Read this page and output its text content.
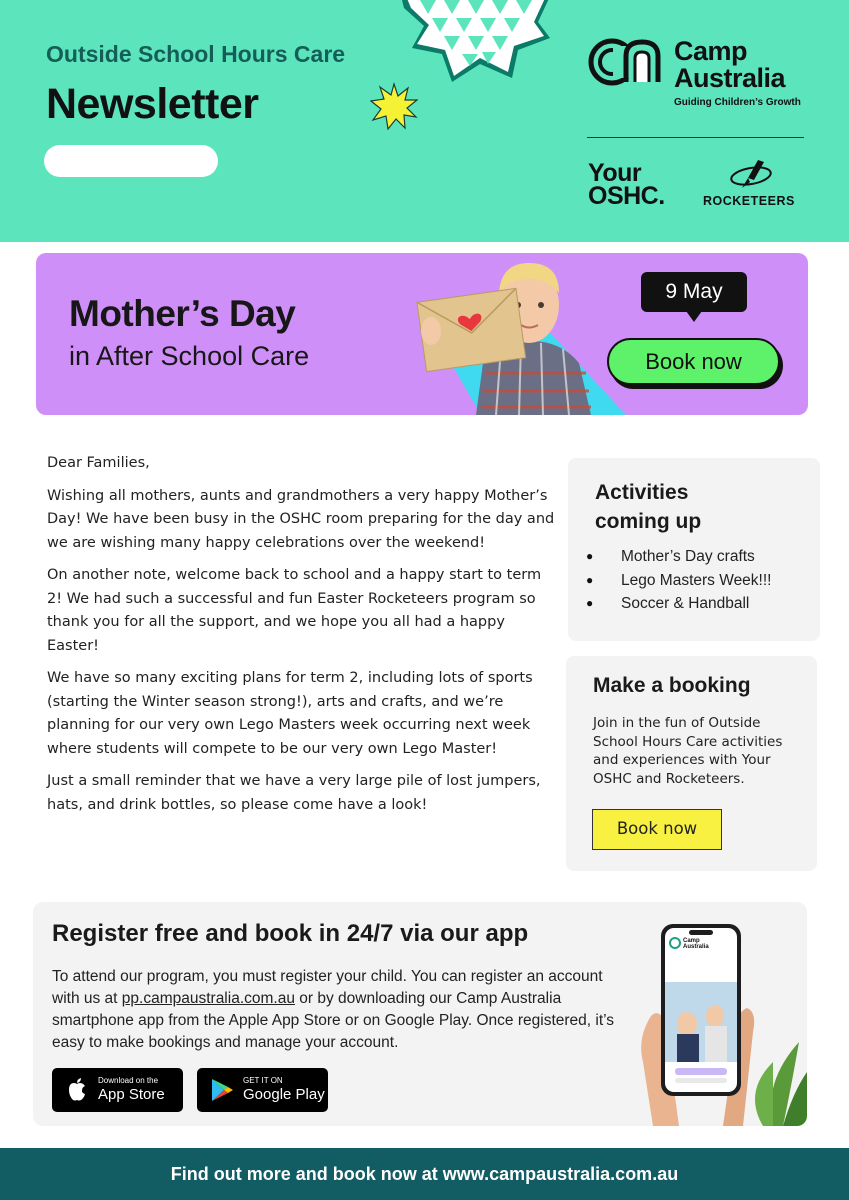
Outside School Hours Care
Newsletter
Camp
Australia
Guiding Children’s Growth
Your
OSHC.	ROCKETEERS
Mother’s Day
in After School Care
9 May
Book now

Dear Families,

Wishing all mothers, aunts and grandmothers a very happy Mother’s Day! We have been busy in the OSHC room preparing for the day and we are wishing many happy celebrations over the weekend!

On another note, welcome back to school and a happy start to term 2! We had such a successful and fun Easter Rocketeers program so thank you for all the support, and we hope you all had a happy Easter!

We have so many exciting plans for term 2, including lots of sports (starting the Winter season strong!), arts and crafts, and we’re planning for our very own Lego Masters week occurring next week where students will compete to be our very own Lego Master!

Just a small reminder that we have a very large pile of lost jumpers, hats, and drink bottles, so please come have a look!

Activities
coming up
● Mother’s Day crafts
● Lego Masters Week!!!
● Soccer & Handball
Make a booking

Join in the fun of Outside School Hours Care activities and experiences with Your OSHC and Rocketeers.

Book now
Register free and book in 24/7 via our app
To attend our program, you must register your child. You can register an account with us at pp.campaustralia.com.au or by downloading our Camp Australia smartphone app from the Apple App Store or on Google Play. Once registered, it’s easy to make bookings and manage your account.
Download on the
App Store
GET IT ON
Google Play
Camp
Australia
Find out more and book now at www.campaustralia.com.au
